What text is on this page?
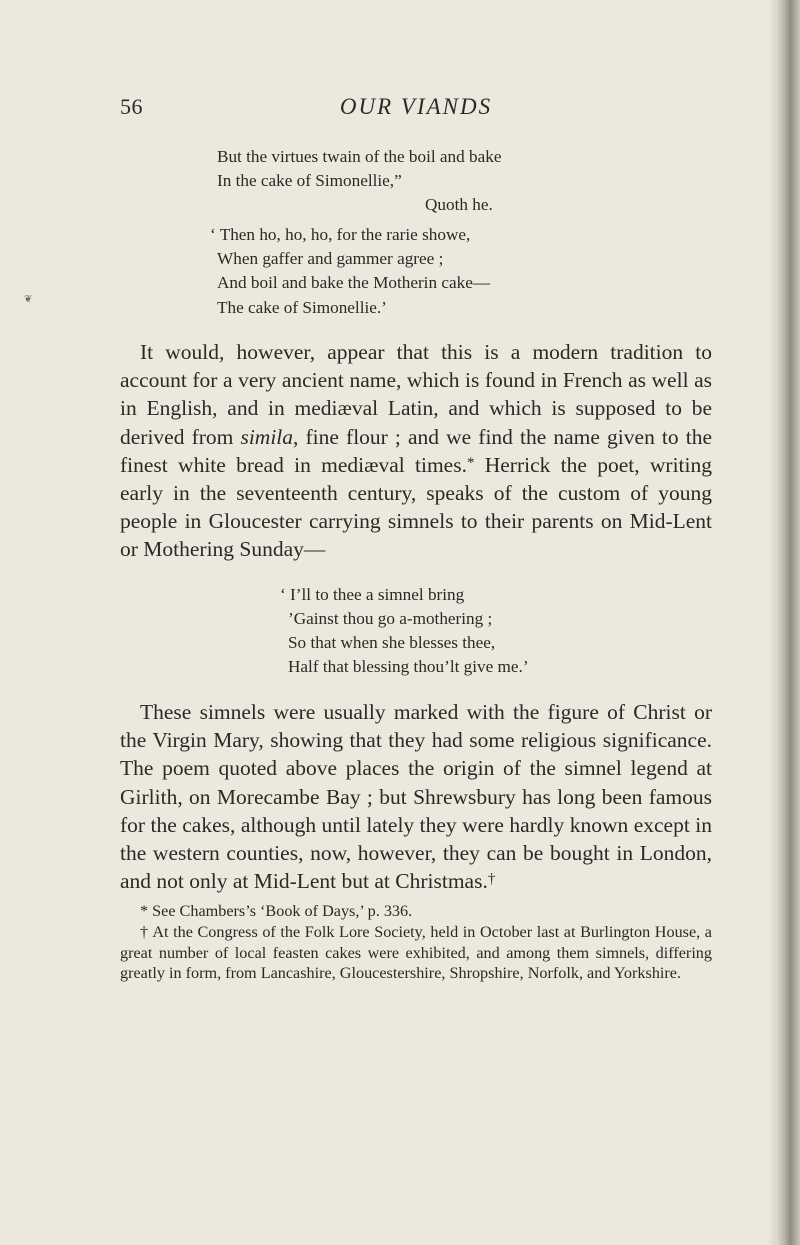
56	OUR VIANDS
❦
But the virtues twain of the boil and bake
In the cake of Simonellie,”
Quoth he.
‘ Then ho, ho, ho, for the rarie showe,
When gaffer and gammer agree ;
And boil and bake the Motherin cake—
The cake of Simonellie.’

It would, however, appear that this is a modern tradition to account for a very ancient name, which is found in French as well as in English, and in mediæval Latin, and which is supposed to be derived from simila, fine flour ; and we find the name given to the finest white bread in mediæval times.* Herrick the poet, writing early in the seventeenth century, speaks of the custom of young people in Gloucester carrying simnels to their parents on Mid-Lent or Mothering Sunday—

‘ I’ll to thee a simnel bring
’Gainst thou go a-mothering ;
So that when she blesses thee,
Half that blessing thou’lt give me.’

These simnels were usually marked with the figure of Christ or the Virgin Mary, showing that they had some religious significance. The poem quoted above places the origin of the simnel legend at Girlith, on Morecambe Bay ; but Shrewsbury has long been famous for the cakes, although until lately they were hardly known except in the western counties, now, however, they can be bought in London, and not only at Mid-Lent but at Christmas.†

* See Chambers’s ‘Book of Days,’ p. 336.

† At the Congress of the Folk Lore Society, held in October last at Burlington House, a great number of local feasten cakes were exhibited, and among them simnels, differing greatly in form, from Lancashire, Gloucestershire, Shropshire, Norfolk, and Yorkshire.
